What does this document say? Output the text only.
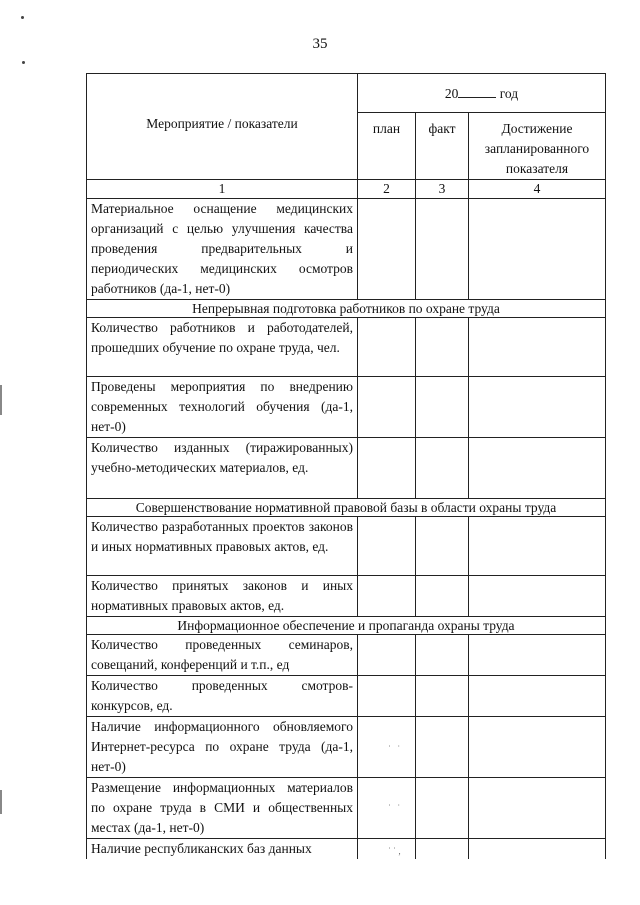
35
Мероприятие / показатели	20 год		
	план	факт	Достижение запланированного показателя
1	2	3	4
Материальное оснащение медицинских организаций с целью улучшения качества проведения предварительных и периодических медицинских осмотров работников (да-1, нет-0)			
Непрерывная подготовка работников по охране труда			
Количество работников и работодателей, прошедших обучение по охране труда, чел.			
Проведены мероприятия по внедрению современных технологий обучения (да-1, нет-0)			
Количество изданных (тиражированных) учебно-методических материалов, ед.			
Совершенствование нормативной правовой базы в области охраны труда			
Количество разработанных проектов законов и иных нормативных правовых актов, ед.			
Количество принятых законов и иных нормативных правовых актов, ед.			
Информационное обеспечение и пропаганда охраны труда			
Количество проведенных семинаров, совещаний, конференций и т.п., ед			
Количество проведенных смотров-конкурсов, ед.			
Наличие информационного обновляемого Интернет-ресурса по охране труда (да-1, нет-0)	˙ ˙		

Размещение информационных материалов по охране труда в СМИ и общественных местах (да-1, нет-0)	˙ ˙		

Наличие республиканских баз данных	˙˙‚		
